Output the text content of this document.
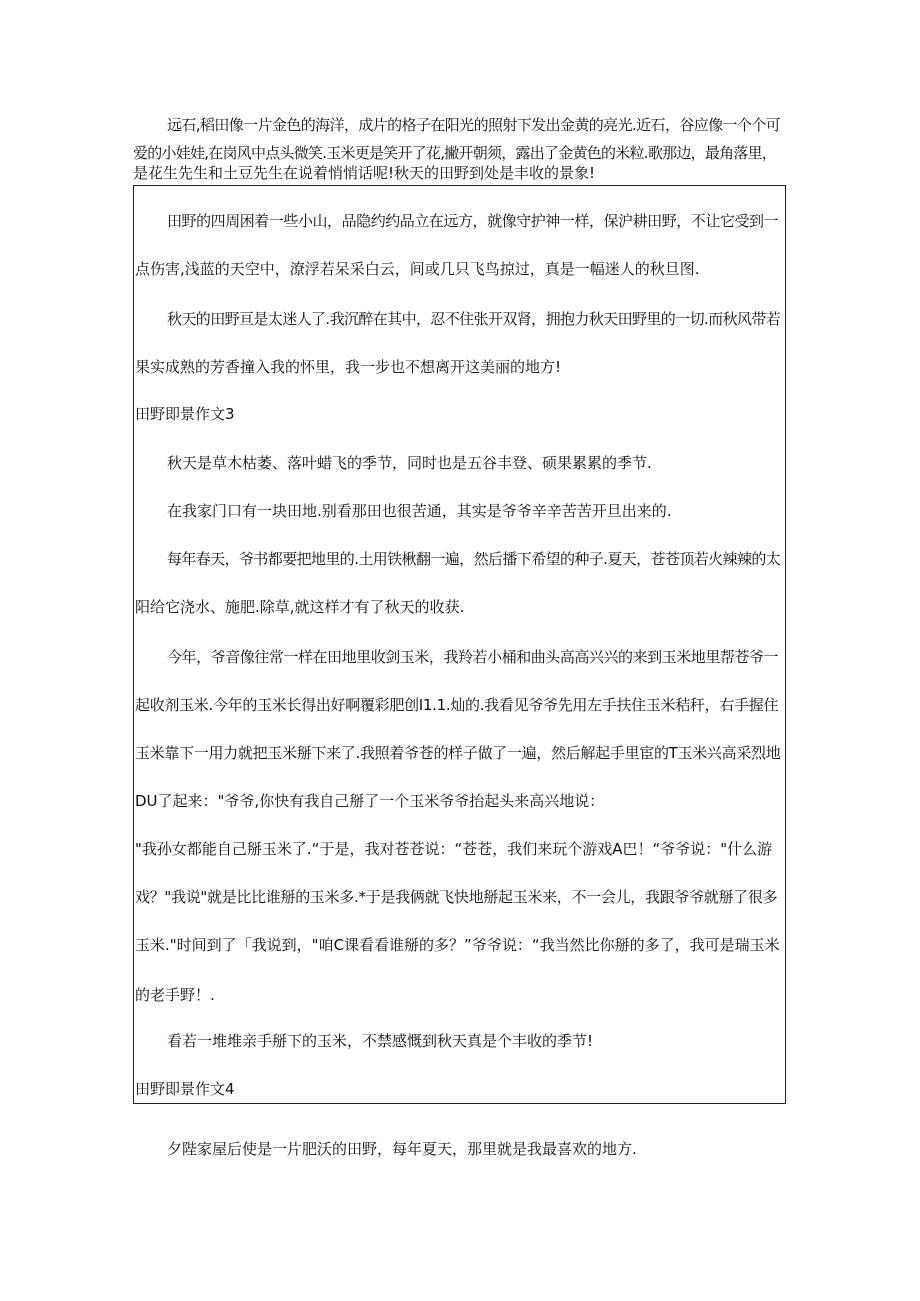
远石,稻田像一片金色的海洋，成片的格子在阳光的照射下发出金黄的亮光.近石，谷应像一个个可
爱的小娃娃,在岗风中点头微笑.玉米更是笑开了花,撇开朝须，露出了金黄色的米粒.歌那边，最角落里，
是花生先生和土豆先生在说着悄悄话呢!秋天的田野到处是丰收的景象!
田野的四周困着一些小山，品隐约约品立在远方，就像守护神一样，保沪耕田野，不让它受到一
点伤害,浅蓝的天空中，潦浮若呆采白云，间或几只飞鸟掠过，真是一幅迷人的秋旦图.
秋天的田野亘是太迷人了.我沉醉在其中，忍不住张开双肾，拥抱力秋天田野里的一切.而秋风带若
果实成熟的芳香撞入我的怀里，我一步也不想离开这美丽的地方!
田野即景作文3
秋天是草木枯萎、落叶蜡飞的季节，同时也是五谷丰登、硕果累累的季节.
在我家门口有一块田地.别看那田也很苦通，其实是爷爷辛辛苦苦开旦出来的.
每年春天，爷书都要把地里的.土用铁楸翻一遍，然后播下希望的种子.夏天，苍苍顶若火辣辣的太
阳给它浇水、施肥.除草,就这样才有了秋天的收获.
今年，爷音像往常一样在田地里收剑玉米，我羚若小桶和曲头高高兴兴的来到玉米地里帮苍爷一
起收剂玉米.今年的玉米长得出好啊覆彩肥创I1.1.灿的.我看见爷爷先用左手扶住玉米秸秆，右手握住
玉米靠下一用力就把玉米掰下来了.我照着爷苍的样子做了一遍，然后解起手里宦的T玉米兴高采烈地
DU了起来："爷爷,你快有我自己掰了一个玉米爷爷抬起头来高兴地说：
"我孙女都能自己掰玉米了.“于是，我对苍苍说：“苍苍，我们来玩个游戏A巴！“爷爷说："什么游
戏？"我说"就是比比谁掰的玉米多.*于是我俩就飞快地掰起玉米来，不一会儿，我跟爷爷就掰了很多
玉米."时间到了「我说到，"咱C课看看谁掰的多？”爷爷说：“我当然比你掰的多了，我可是瑞玉米
的老手野！.
看若一堆堆亲手掰下的玉米，不禁感慨到秋天真是个丰收的季节!
田野即景作文4
夕陛家屋后使是一片肥沃的田野，每年夏天，那里就是我最喜欢的地方.
